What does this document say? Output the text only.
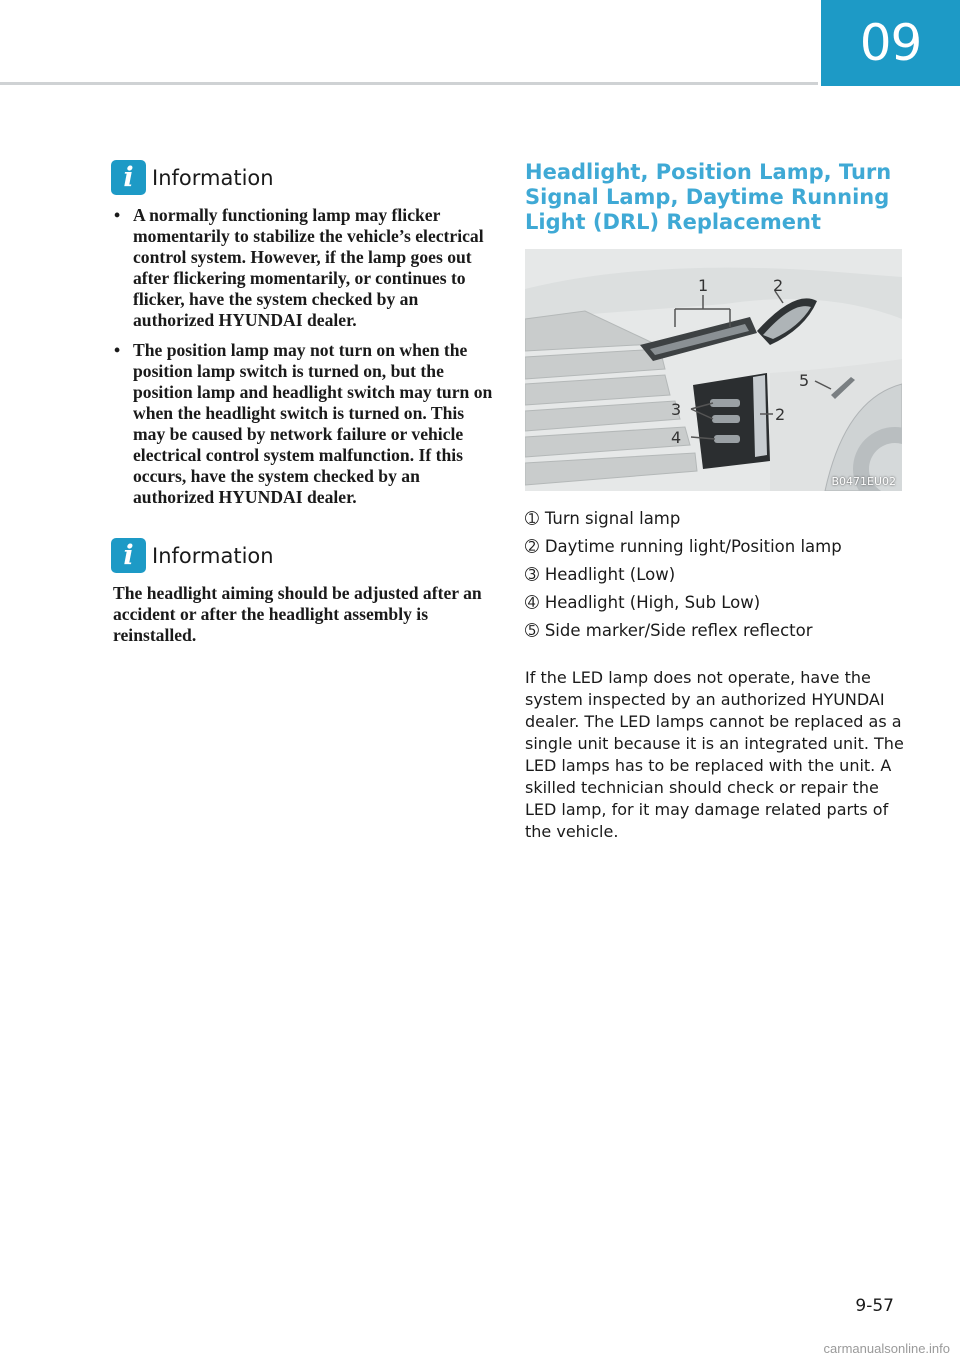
09
i Information
• A normally functioning lamp may flicker momentarily to stabilize the vehicle’s electrical control system. However, if the lamp goes out after flickering momentarily, or continues to flicker, have the system checked by an authorized HYUNDAI dealer.
• The position lamp may not turn on when the position lamp switch is turned on, but the position lamp and headlight switch may turn on when the headlight switch is turned on. This may be caused by network failure or vehicle electrical control system malfunction. If this occurs, have the system checked by an authorized HYUNDAI dealer.
i Information

The headlight aiming should be adjusted after an accident or after the headlight assembly is reinstalled.

Headlight, Position Lamp, Turn Signal Lamp, Daytime Running Light (DRL) Replacement
1	2
5
3	2
4
B0471EU02
➀ Turn signal lamp
➁ Daytime running light/Position lamp
➂ Headlight (Low)
➃ Headlight (High, Sub Low)
➄ Side marker/Side reflex reflector

If the LED lamp does not operate, have the system inspected by an authorized HYUNDAI dealer. The LED lamps cannot be replaced as a single unit because it is an integrated unit. The LED lamps has to be replaced with the unit. A skilled technician should check or repair the LED lamp, for it may damage related parts of the vehicle.

9-57
carmanualsonline.info
